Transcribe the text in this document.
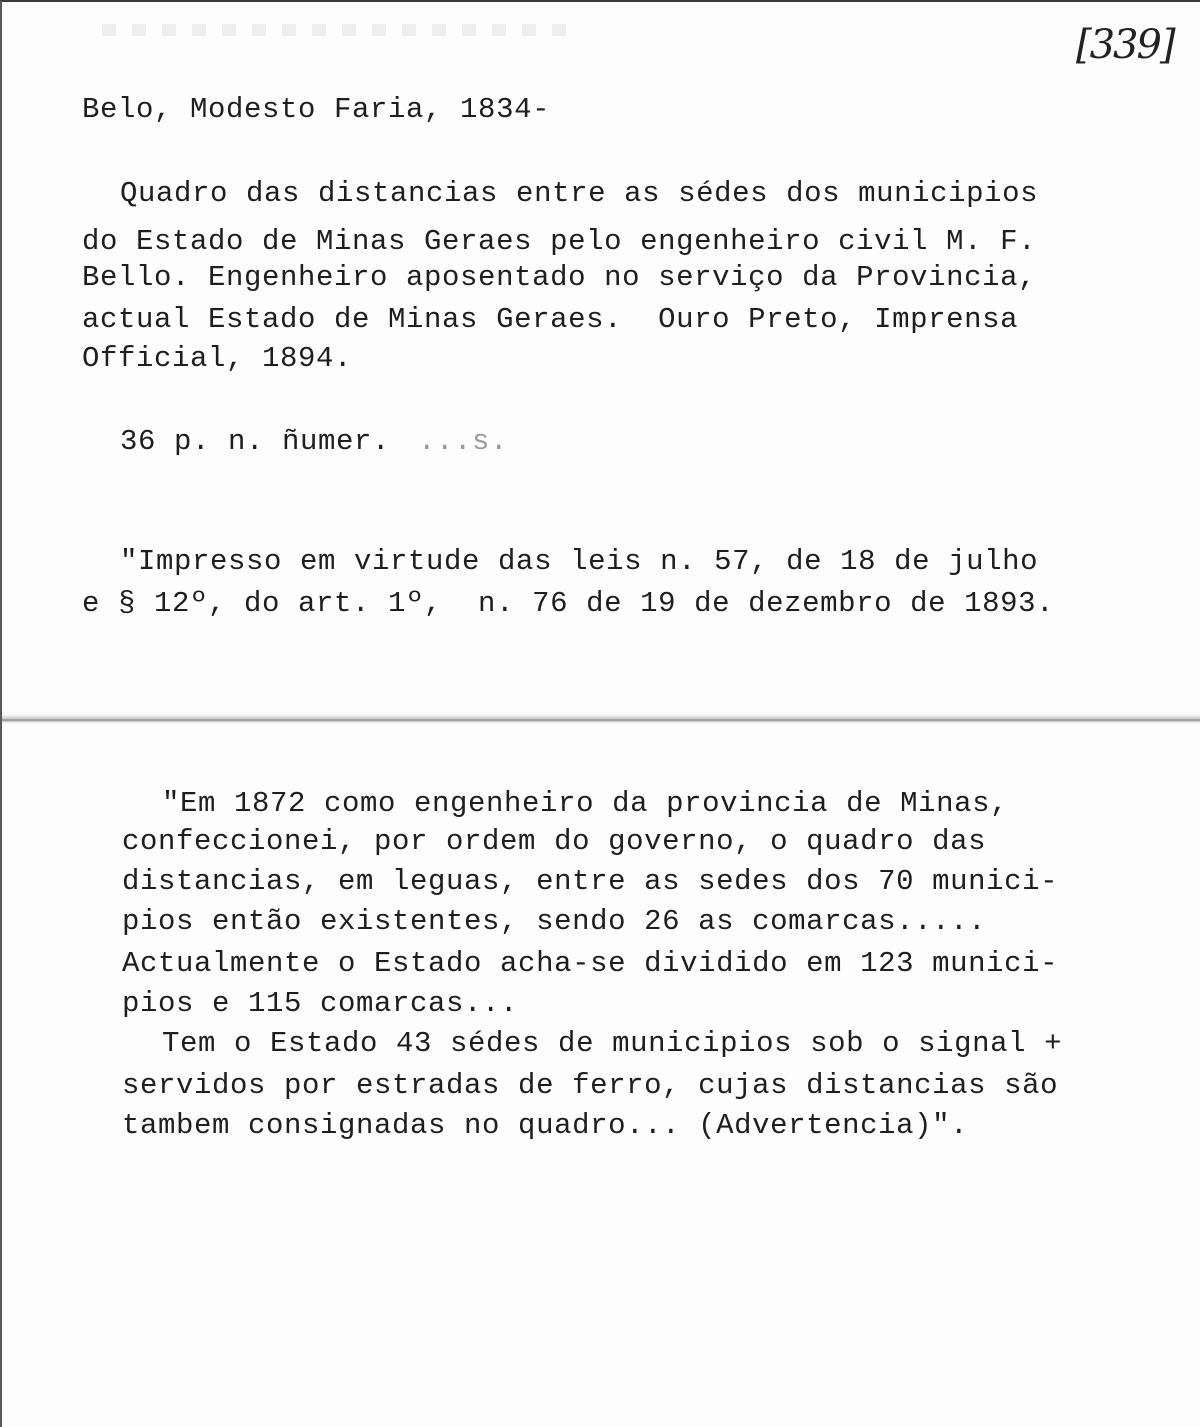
[ 339 ]
Belo, Modesto Faria, 1834-
Quadro das distancias entre as sédes dos municipios
do Estado de Minas Geraes pelo engenheiro civil M. F.
Bello. Engenheiro aposentado no serviço da Provincia,
actual Estado de Minas Geraes.  Ouro Preto, Imprensa
Official, 1894.
36 p. n. ñumer. ...s.
"Impresso em virtude das leis n. 57, de 18 de julho
e § 12º, do art. 1º,  n. 76 de 19 de dezembro de 1893.
"Em 1872 como engenheiro da provincia de Minas,
confeccionei, por ordem do governo, o quadro das
distancias, em leguas, entre as sedes dos 70 munici-
pios então existentes, sendo 26 as comarcas.....
Actualmente o Estado acha-se dividido em 123 munici-
pios e 115 comarcas...
Tem o Estado 43 sédes de municipios sob o signal +
servidos por estradas de ferro, cujas distancias são
tambem consignadas no quadro... (Advertencia)".
